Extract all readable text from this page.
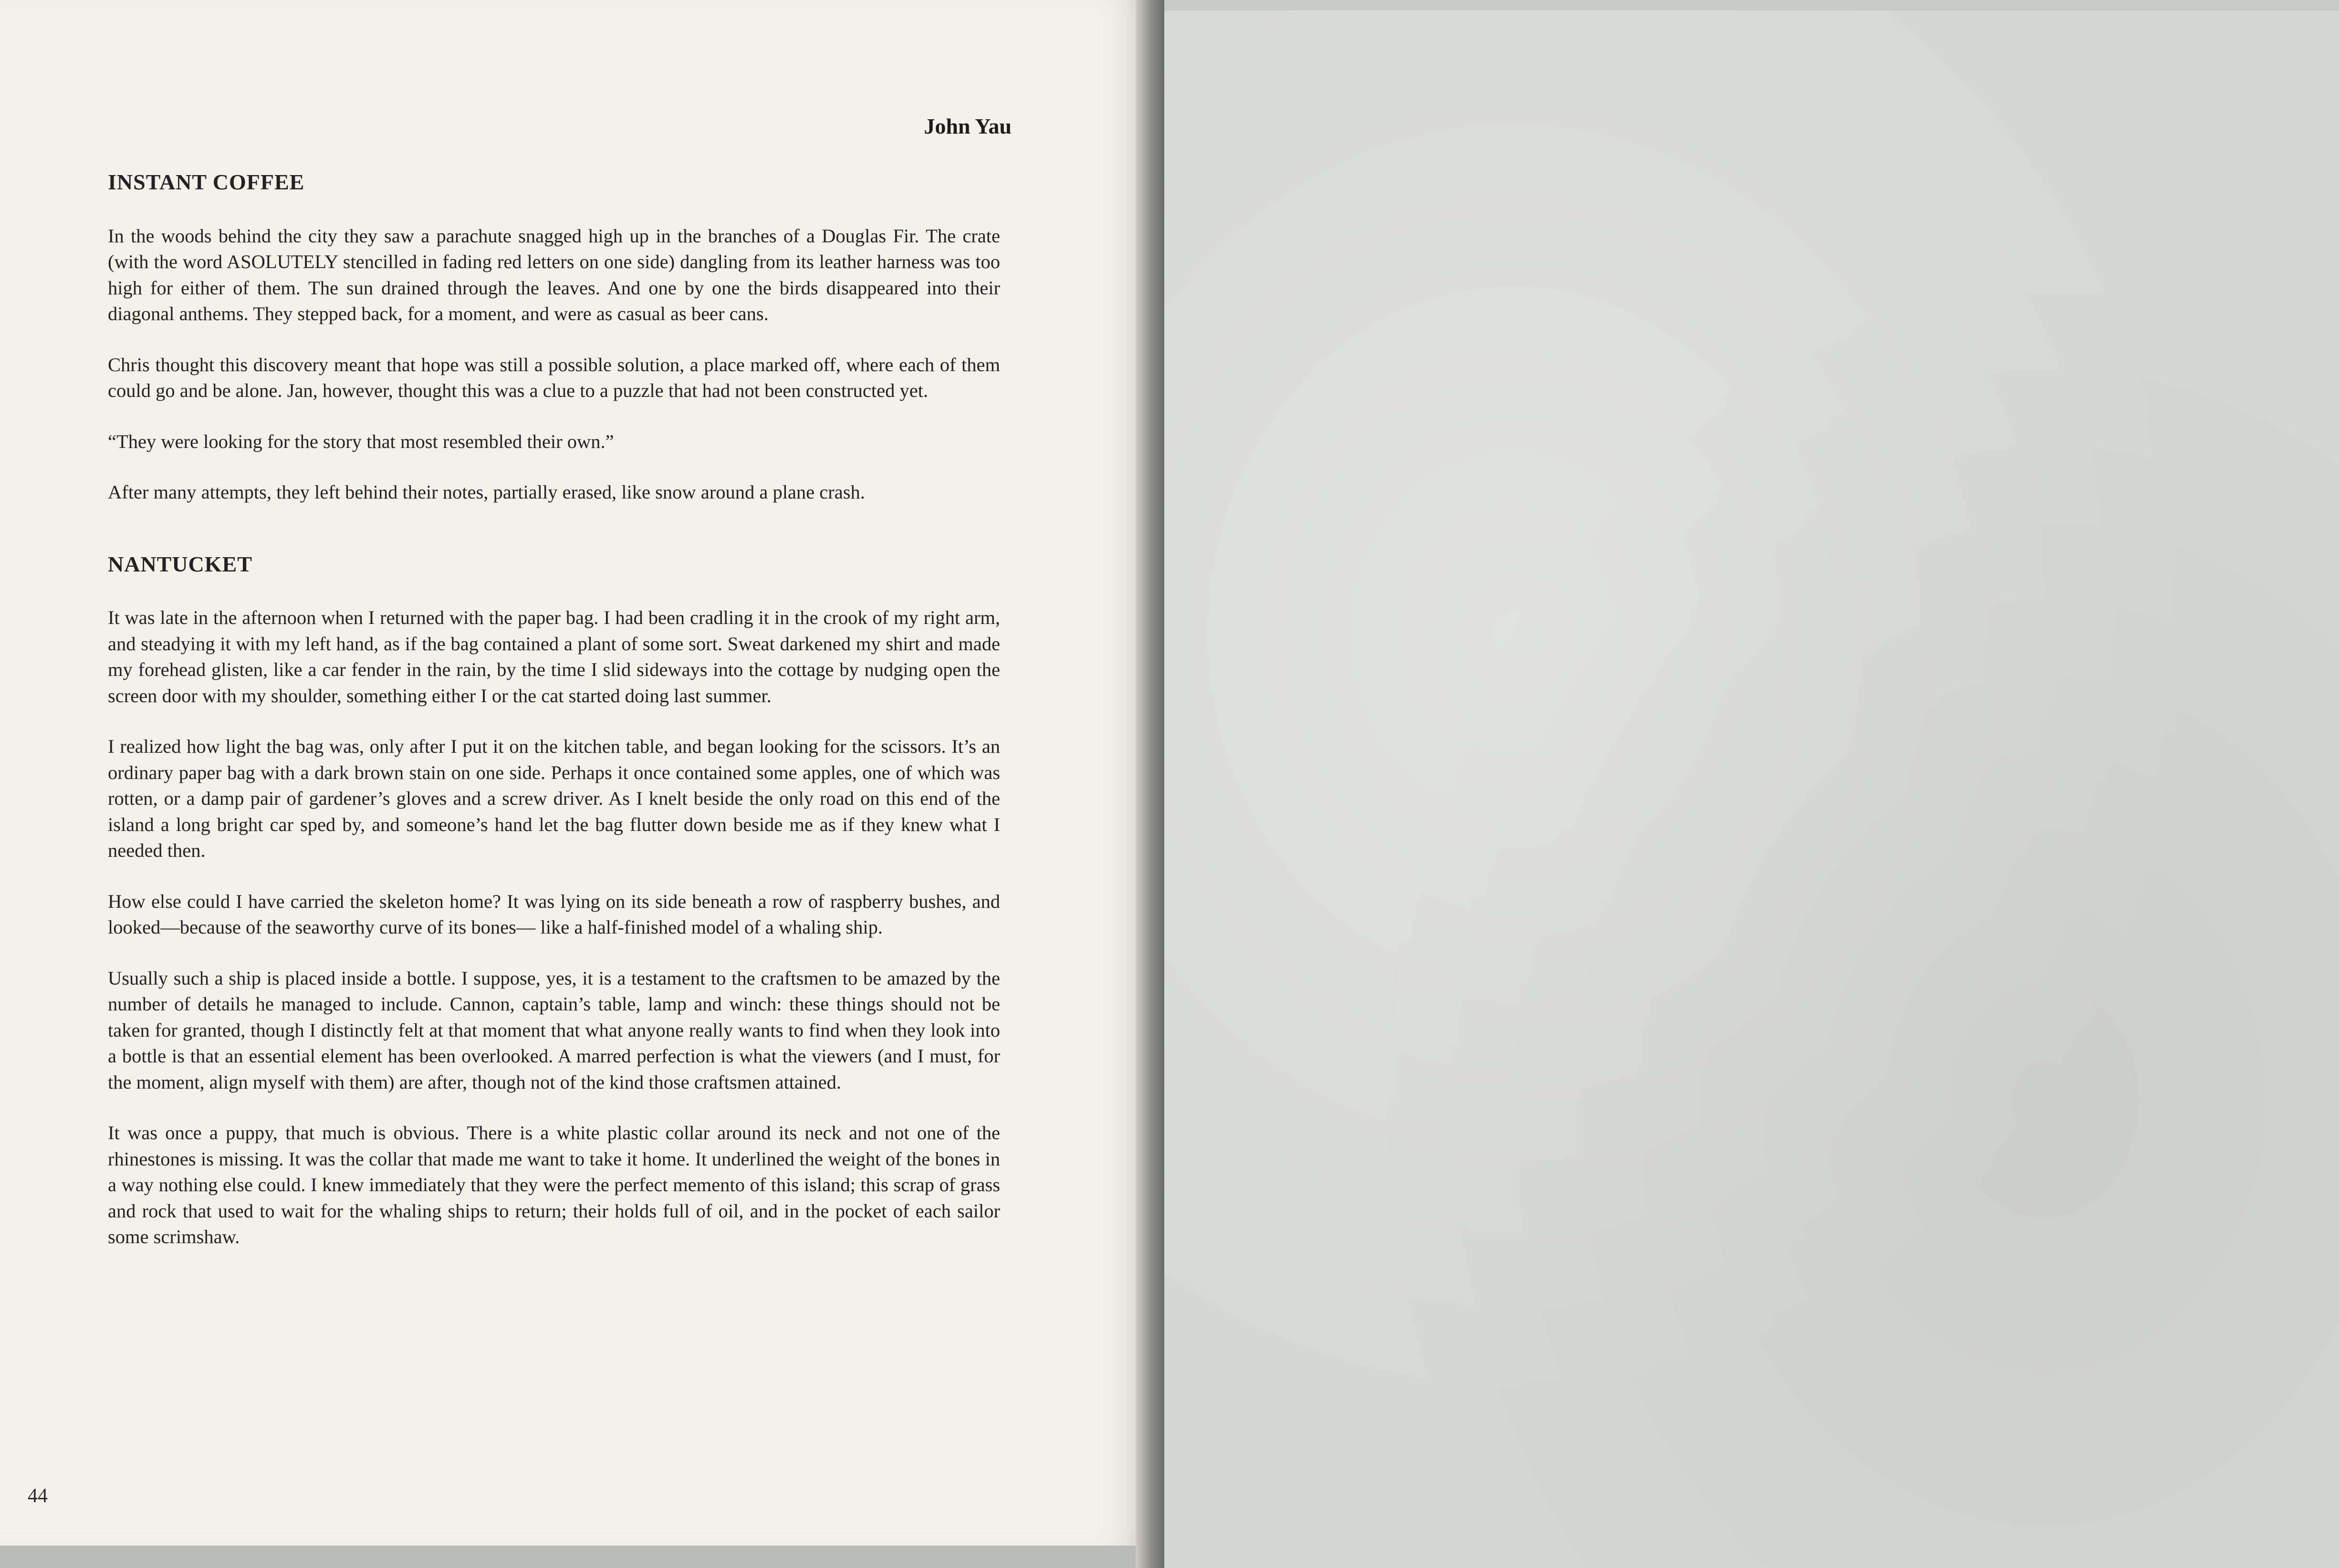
John Yau
INSTANT COFFEE

In the woods behind the city they saw a parachute snagged high up in the branches of a Douglas Fir. The crate (with the word ASOLUTELY stencilled in fading red letters on one side) dangling from its leather harness was too high for either of them. The sun drained through the leaves. And one by one the birds disappeared into their diagonal anthems. They stepped back, for a moment, and were as casual as beer cans.

Chris thought this discovery meant that hope was still a possible solution, a place marked off, where each of them could go and be alone. Jan, however, thought this was a clue to a puzzle that had not been constructed yet.

“They were looking for the story that most resembled their own.”

After many attempts, they left behind their notes, partially erased, like snow around a plane crash.

NANTUCKET

It was late in the afternoon when I returned with the paper bag. I had been cradling it in the crook of my right arm, and steadying it with my left hand, as if the bag contained a plant of some sort. Sweat darkened my shirt and made my forehead glisten, like a car fender in the rain, by the time I slid sideways into the cottage by nudging open the screen door with my shoulder, something either I or the cat started doing last summer.

I realized how light the bag was, only after I put it on the kitchen table, and began looking for the scissors. It’s an ordinary paper bag with a dark brown stain on one side. Perhaps it once contained some apples, one of which was rotten, or a damp pair of gardener’s gloves and a screw driver. As I knelt beside the only road on this end of the island a long bright car sped by, and someone’s hand let the bag flutter down beside me as if they knew what I needed then.

How else could I have carried the skeleton home? It was lying on its side beneath a row of raspberry bushes, and looked—because of the seaworthy curve of its bones— like a half-finished model of a whaling ship.

Usually such a ship is placed inside a bottle. I suppose, yes, it is a testament to the craftsmen to be amazed by the number of details he managed to include. Cannon, captain’s table, lamp and winch: these things should not be taken for granted, though I distinctly felt at that moment that what anyone really wants to find when they look into a bottle is that an essential element has been overlooked. A marred perfection is what the viewers (and I must, for the moment, align myself with them) are after, though not of the kind those craftsmen attained.

It was once a puppy, that much is obvious. There is a white plastic collar around its neck and not one of the rhinestones is missing. It was the collar that made me want to take it home. It underlined the weight of the bones in a way nothing else could. I knew immediately that they were the perfect memento of this island; this scrap of grass and rock that used to wait for the whaling ships to return; their holds full of oil, and in the pocket of each sailor some scrimshaw.

44
